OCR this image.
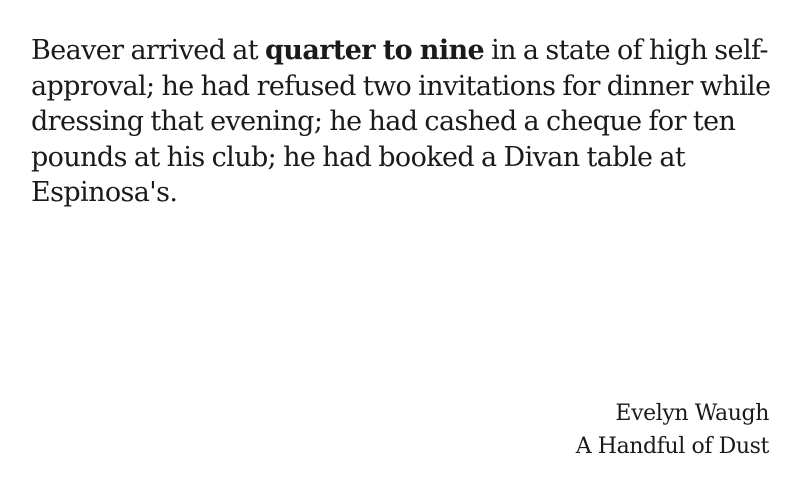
Beaver arrived at quarter to nine in a state of high self-approval; he had refused two invitations for dinner while dressing that evening; he had cashed a cheque for ten pounds at his club; he had booked a Divan table at Espinosa's.

Evelyn Waugh
A Handful of Dust
